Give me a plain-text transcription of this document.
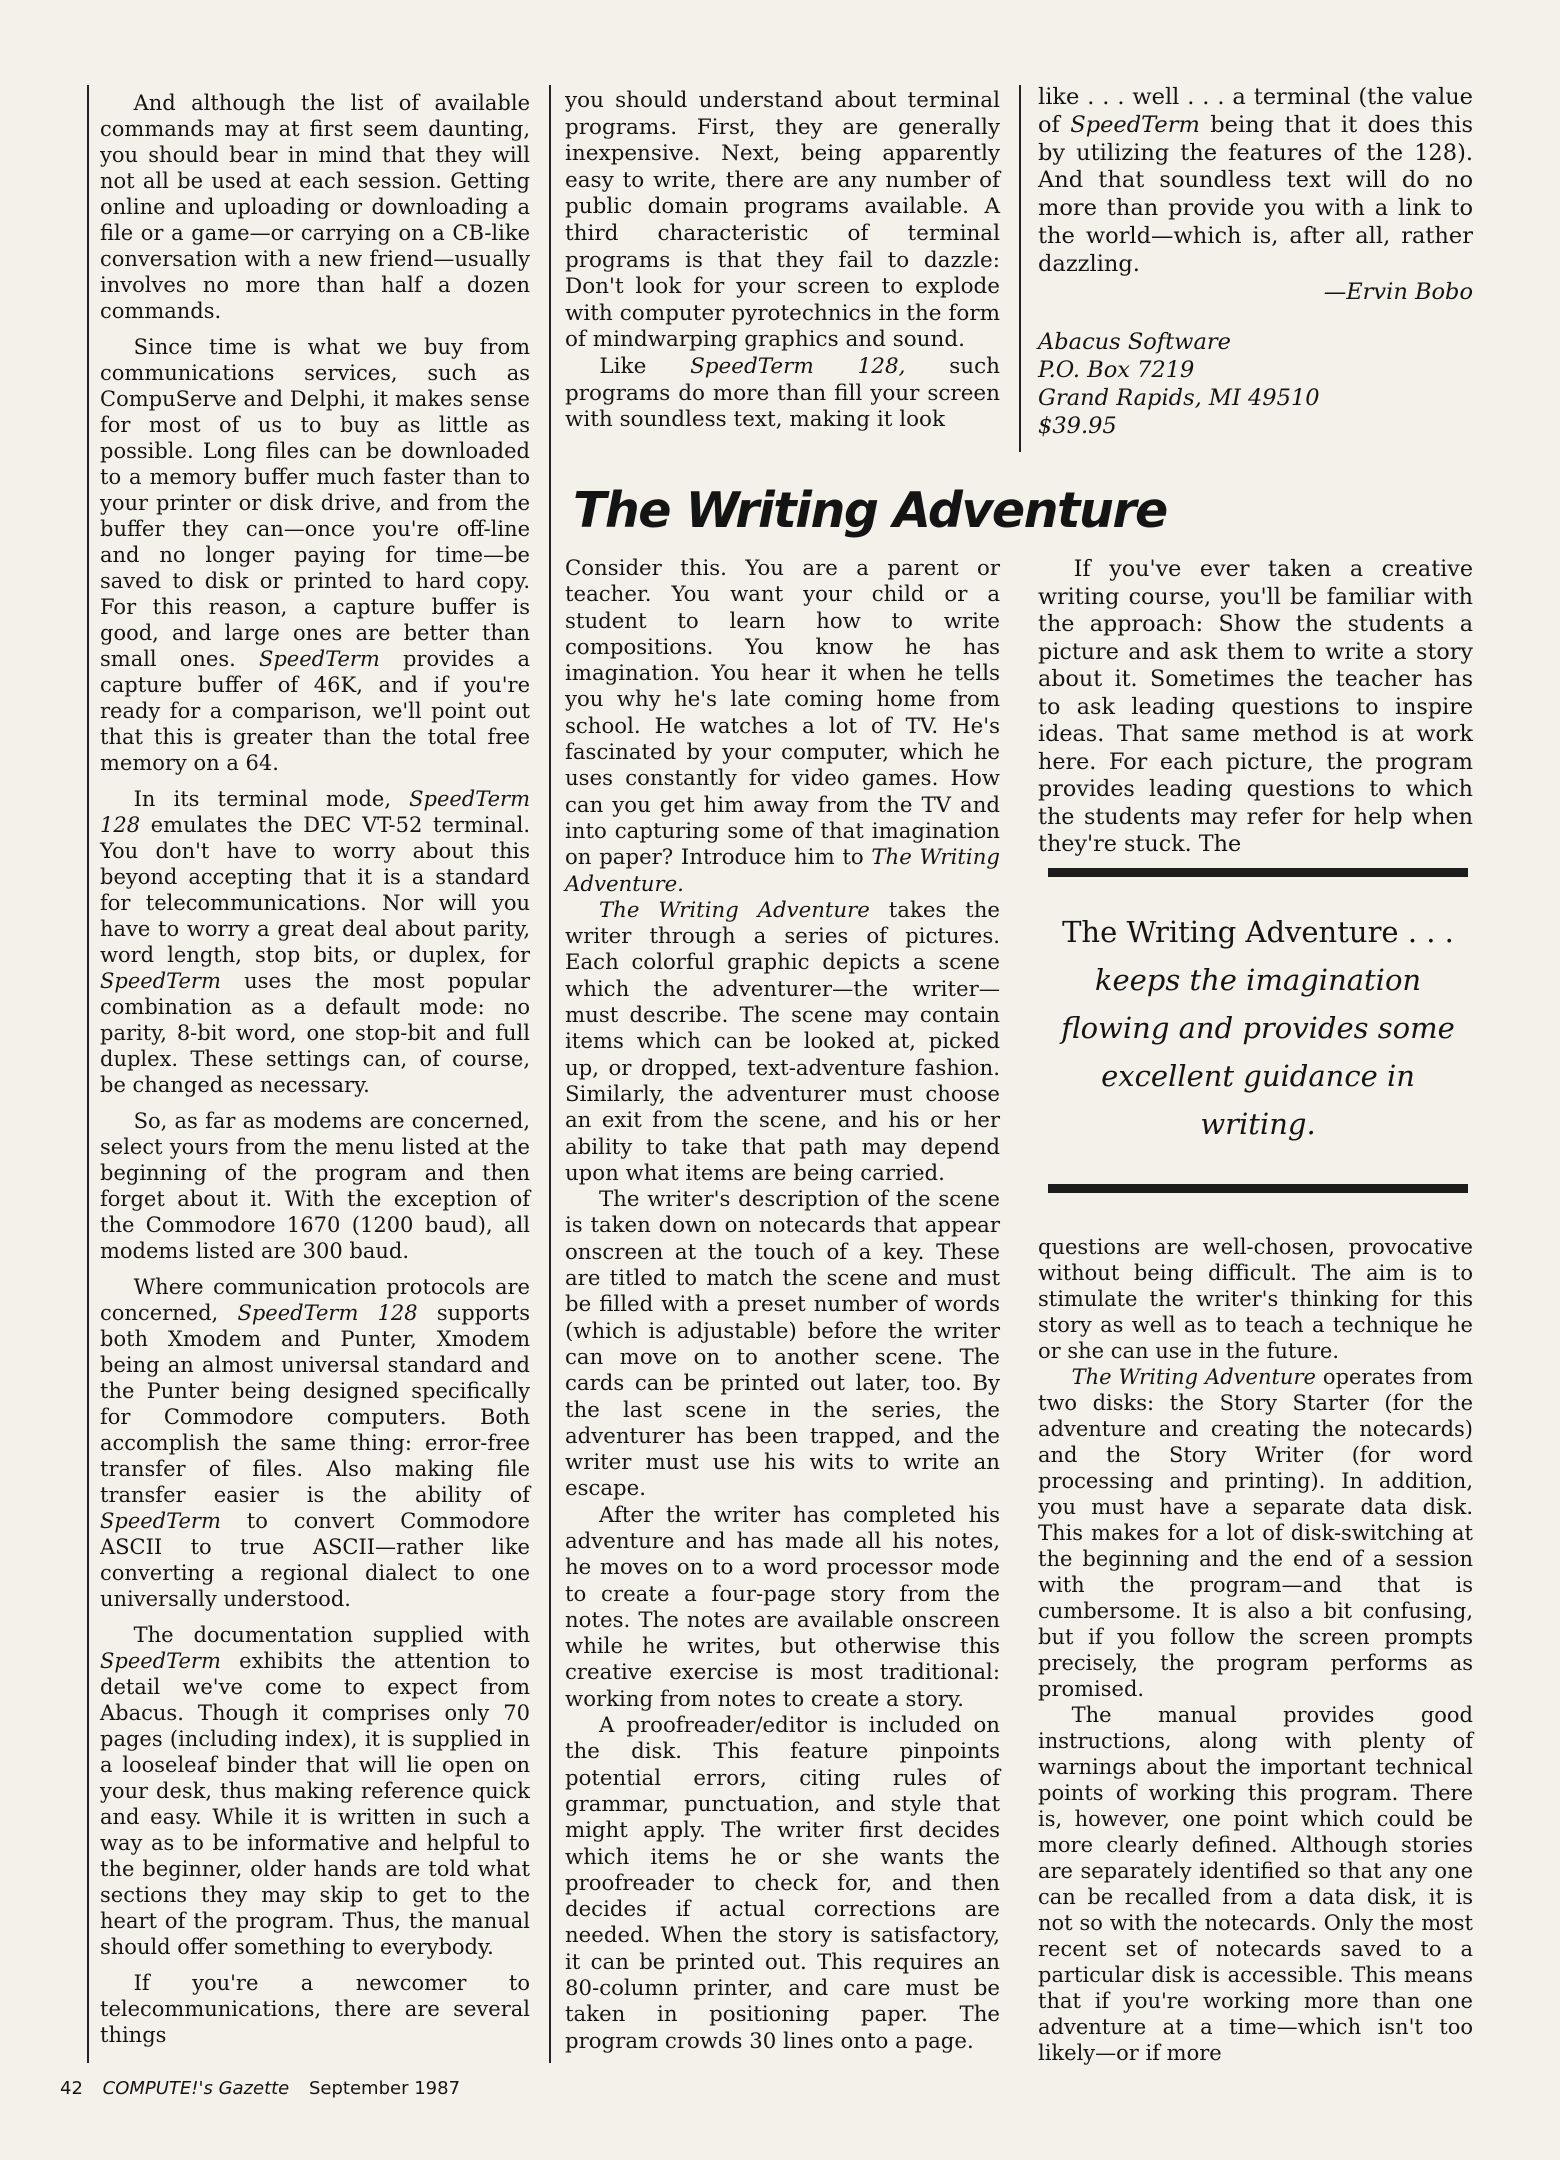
And although the list of available commands may at first seem daunting, you should bear in mind that they will not all be used at each session. Getting online and uploading or downloading a file or a game—or carrying on a CB-like conversation with a new friend—usually involves no more than half a dozen commands.

Since time is what we buy from communications services, such as CompuServe and Delphi, it makes sense for most of us to buy as little as possible. Long files can be downloaded to a memory buffer much faster than to your printer or disk drive, and from the buffer they can—once you're off-line and no longer paying for time—be saved to disk or printed to hard copy. For this reason, a capture buffer is good, and large ones are better than small ones. SpeedTerm provides a capture buffer of 46K, and if you're ready for a comparison, we'll point out that this is greater than the total free memory on a 64.

In its terminal mode, SpeedTerm 128 emulates the DEC VT-52 terminal. You don't have to worry about this beyond accepting that it is a standard for telecommunications. Nor will you have to worry a great deal about parity, word length, stop bits, or duplex, for SpeedTerm uses the most popular combination as a default mode: no parity, 8-bit word, one stop-bit and full duplex. These settings can, of course, be changed as necessary.

So, as far as modems are concerned, select yours from the menu listed at the beginning of the program and then forget about it. With the exception of the Commodore 1670 (1200 baud), all modems listed are 300 baud.

Where communication protocols are concerned, SpeedTerm 128 supports both Xmodem and Punter, Xmodem being an almost universal standard and the Punter being designed specifically for Commodore computers. Both accomplish the same thing: error-free transfer of files. Also making file transfer easier is the ability of SpeedTerm to convert Commodore ASCII to true ASCII—rather like converting a regional dialect to one universally understood.

The documentation supplied with SpeedTerm exhibits the attention to detail we've come to expect from Abacus. Though it comprises only 70 pages (including index), it is supplied in a looseleaf binder that will lie open on your desk, thus making reference quick and easy. While it is written in such a way as to be informative and helpful to the beginner, older hands are told what sections they may skip to get to the heart of the program. Thus, the manual should offer something to everybody.

If you're a newcomer to telecommunications, there are several things

you should understand about terminal programs. First, they are generally inexpensive. Next, being apparently easy to write, there are any number of public domain programs available. A third characteristic of terminal programs is that they fail to dazzle: Don't look for your screen to explode with computer pyrotechnics in the form of mindwarping graphics and sound.

Like SpeedTerm 128, such programs do more than fill your screen with soundless text, making it look

like . . . well . . . a terminal (the value of SpeedTerm being that it does this by utilizing the features of the 128). And that soundless text will do no more than provide you with a link to the world—which is, after all, rather dazzling.

—Ervin Bobo
Abacus Software
P.O. Box 7219
Grand Rapids, MI 49510
$39.95
The Writing Adventure

Consider this. You are a parent or teacher. You want your child or a student to learn how to write compositions. You know he has imagination. You hear it when he tells you why he's late coming home from school. He watches a lot of TV. He's fascinated by your computer, which he uses constantly for video games. How can you get him away from the TV and into capturing some of that imagination on paper? Introduce him to The Writing Adventure.

The Writing Adventure takes the writer through a series of pictures. Each colorful graphic depicts a scene which the adventurer—the writer—must describe. The scene may contain items which can be looked at, picked up, or dropped, text-adventure fashion. Similarly, the adventurer must choose an exit from the scene, and his or her ability to take that path may depend upon what items are being carried.

The writer's description of the scene is taken down on notecards that appear onscreen at the touch of a key. These are titled to match the scene and must be filled with a preset number of words (which is adjustable) before the writer can move on to another scene. The cards can be printed out later, too. By the last scene in the series, the adventurer has been trapped, and the writer must use his wits to write an escape.

After the writer has completed his adventure and has made all his notes, he moves on to a word processor mode to create a four-page story from the notes. The notes are available onscreen while he writes, but otherwise this creative exercise is most traditional: working from notes to create a story.

A proofreader/editor is included on the disk. This feature pinpoints potential errors, citing rules of grammar, punctuation, and style that might apply. The writer first decides which items he or she wants the proofreader to check for, and then decides if actual corrections are needed. When the story is satisfactory, it can be printed out. This requires an 80-column printer, and care must be taken in positioning paper. The program crowds 30 lines onto a page.

If you've ever taken a creative writing course, you'll be familiar with the approach: Show the students a picture and ask them to write a story about it. Sometimes the teacher has to ask leading questions to inspire ideas. That same method is at work here. For each picture, the program provides leading questions to which the students may refer for help when they're stuck. The

The Writing Adventure . . . keeps the imagination flowing and provides some excellent guidance in writing.

questions are well-chosen, provocative without being difficult. The aim is to stimulate the writer's thinking for this story as well as to teach a technique he or she can use in the future.

The Writing Adventure operates from two disks: the Story Starter (for the adventure and creating the notecards) and the Story Writer (for word processing and printing). In addition, you must have a separate data disk. This makes for a lot of disk-switching at the beginning and the end of a session with the program—and that is cumbersome. It is also a bit confusing, but if you follow the screen prompts precisely, the program performs as promised.

The manual provides good instructions, along with plenty of warnings about the important technical points of working this program. There is, however, one point which could be more clearly defined. Although stories are separately identified so that any one can be recalled from a data disk, it is not so with the notecards. Only the most recent set of notecards saved to a particular disk is accessible. This means that if you're working more than one adventure at a time—which isn't too likely—or if more

42 COMPUTE!'s Gazette September 1987
